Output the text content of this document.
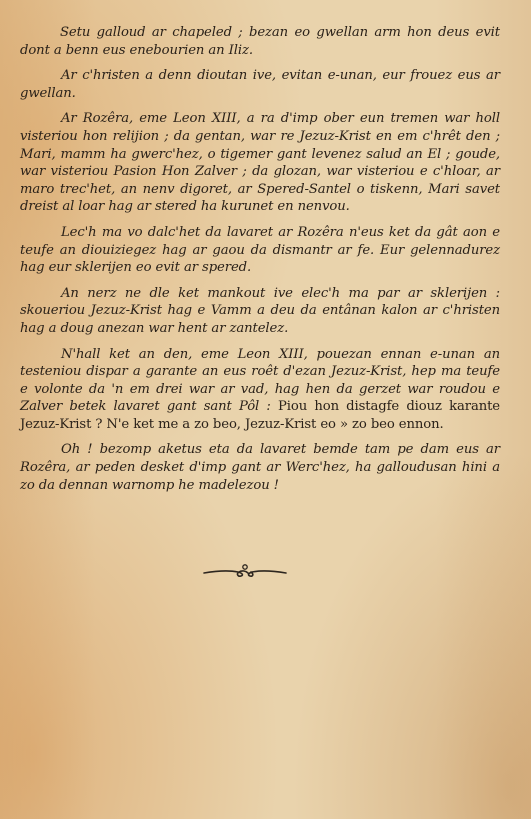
Setu galloud ar chapeled ; bezan eo gwellan arm hon deus evit dont a benn eus enebourien an Iliz.

Ar c'hristen a denn dioutan ive, evitan e-unan, eur frouez eus ar gwellan.

Ar Rozêra, eme Leon XIII, a ra d'imp ober eun tremen war holl visteriou hon relijion ; da gentan, war re Jezuz-Krist en em c'hrêt den ; Mari, mamm ha gwerc'hez, o tigemer gant levenez salud an El ; goude, war visteriou Pasion Hon Zalver ; da glozan, war visteriou e c'hloar, ar maro trec'het, an nenv digoret, ar Spered-Santel o tiskenn, Mari savet dreist al loar hag ar stered ha kurunet en nenvou.

Lec'h ma vo dalc'het da lavaret ar Rozêra n'eus ket da gât aon e teufe an diouiziegez hag ar gaou da dismantr ar fe. Eur gelennadurez hag eur sklerijen eo evit ar spered.

An nerz ne dle ket mankout ive elec'h ma par ar sklerijen : skoueriou Jezuz-Krist hag e Vamm a deu da entânan kalon ar c'hristen hag a doug anezan war hent ar zantelez.

N'hall ket an den, eme Leon XIII, pouezan ennan e-unan an testeniou dispar a garante an eus roêt d'ezan Jezuz-Krist, hep ma teufe e volonte da 'n em drei war ar vad, hag hen da gerzet war roudou e Zalver betek lavaret gant sant Pôl : Piou hon distagfe diouz karante Jezuz-Krist ? N'e ket me a zo beo, Jezuz-Krist eo » zo beo ennon.

Oh ! bezomp aketus eta da lavaret bemde tam pe dam eus ar Rozêra, ar peden desket d'imp gant ar Werc'hez, ha galloudusan hini a zo da dennan warnomp he madelezou !
